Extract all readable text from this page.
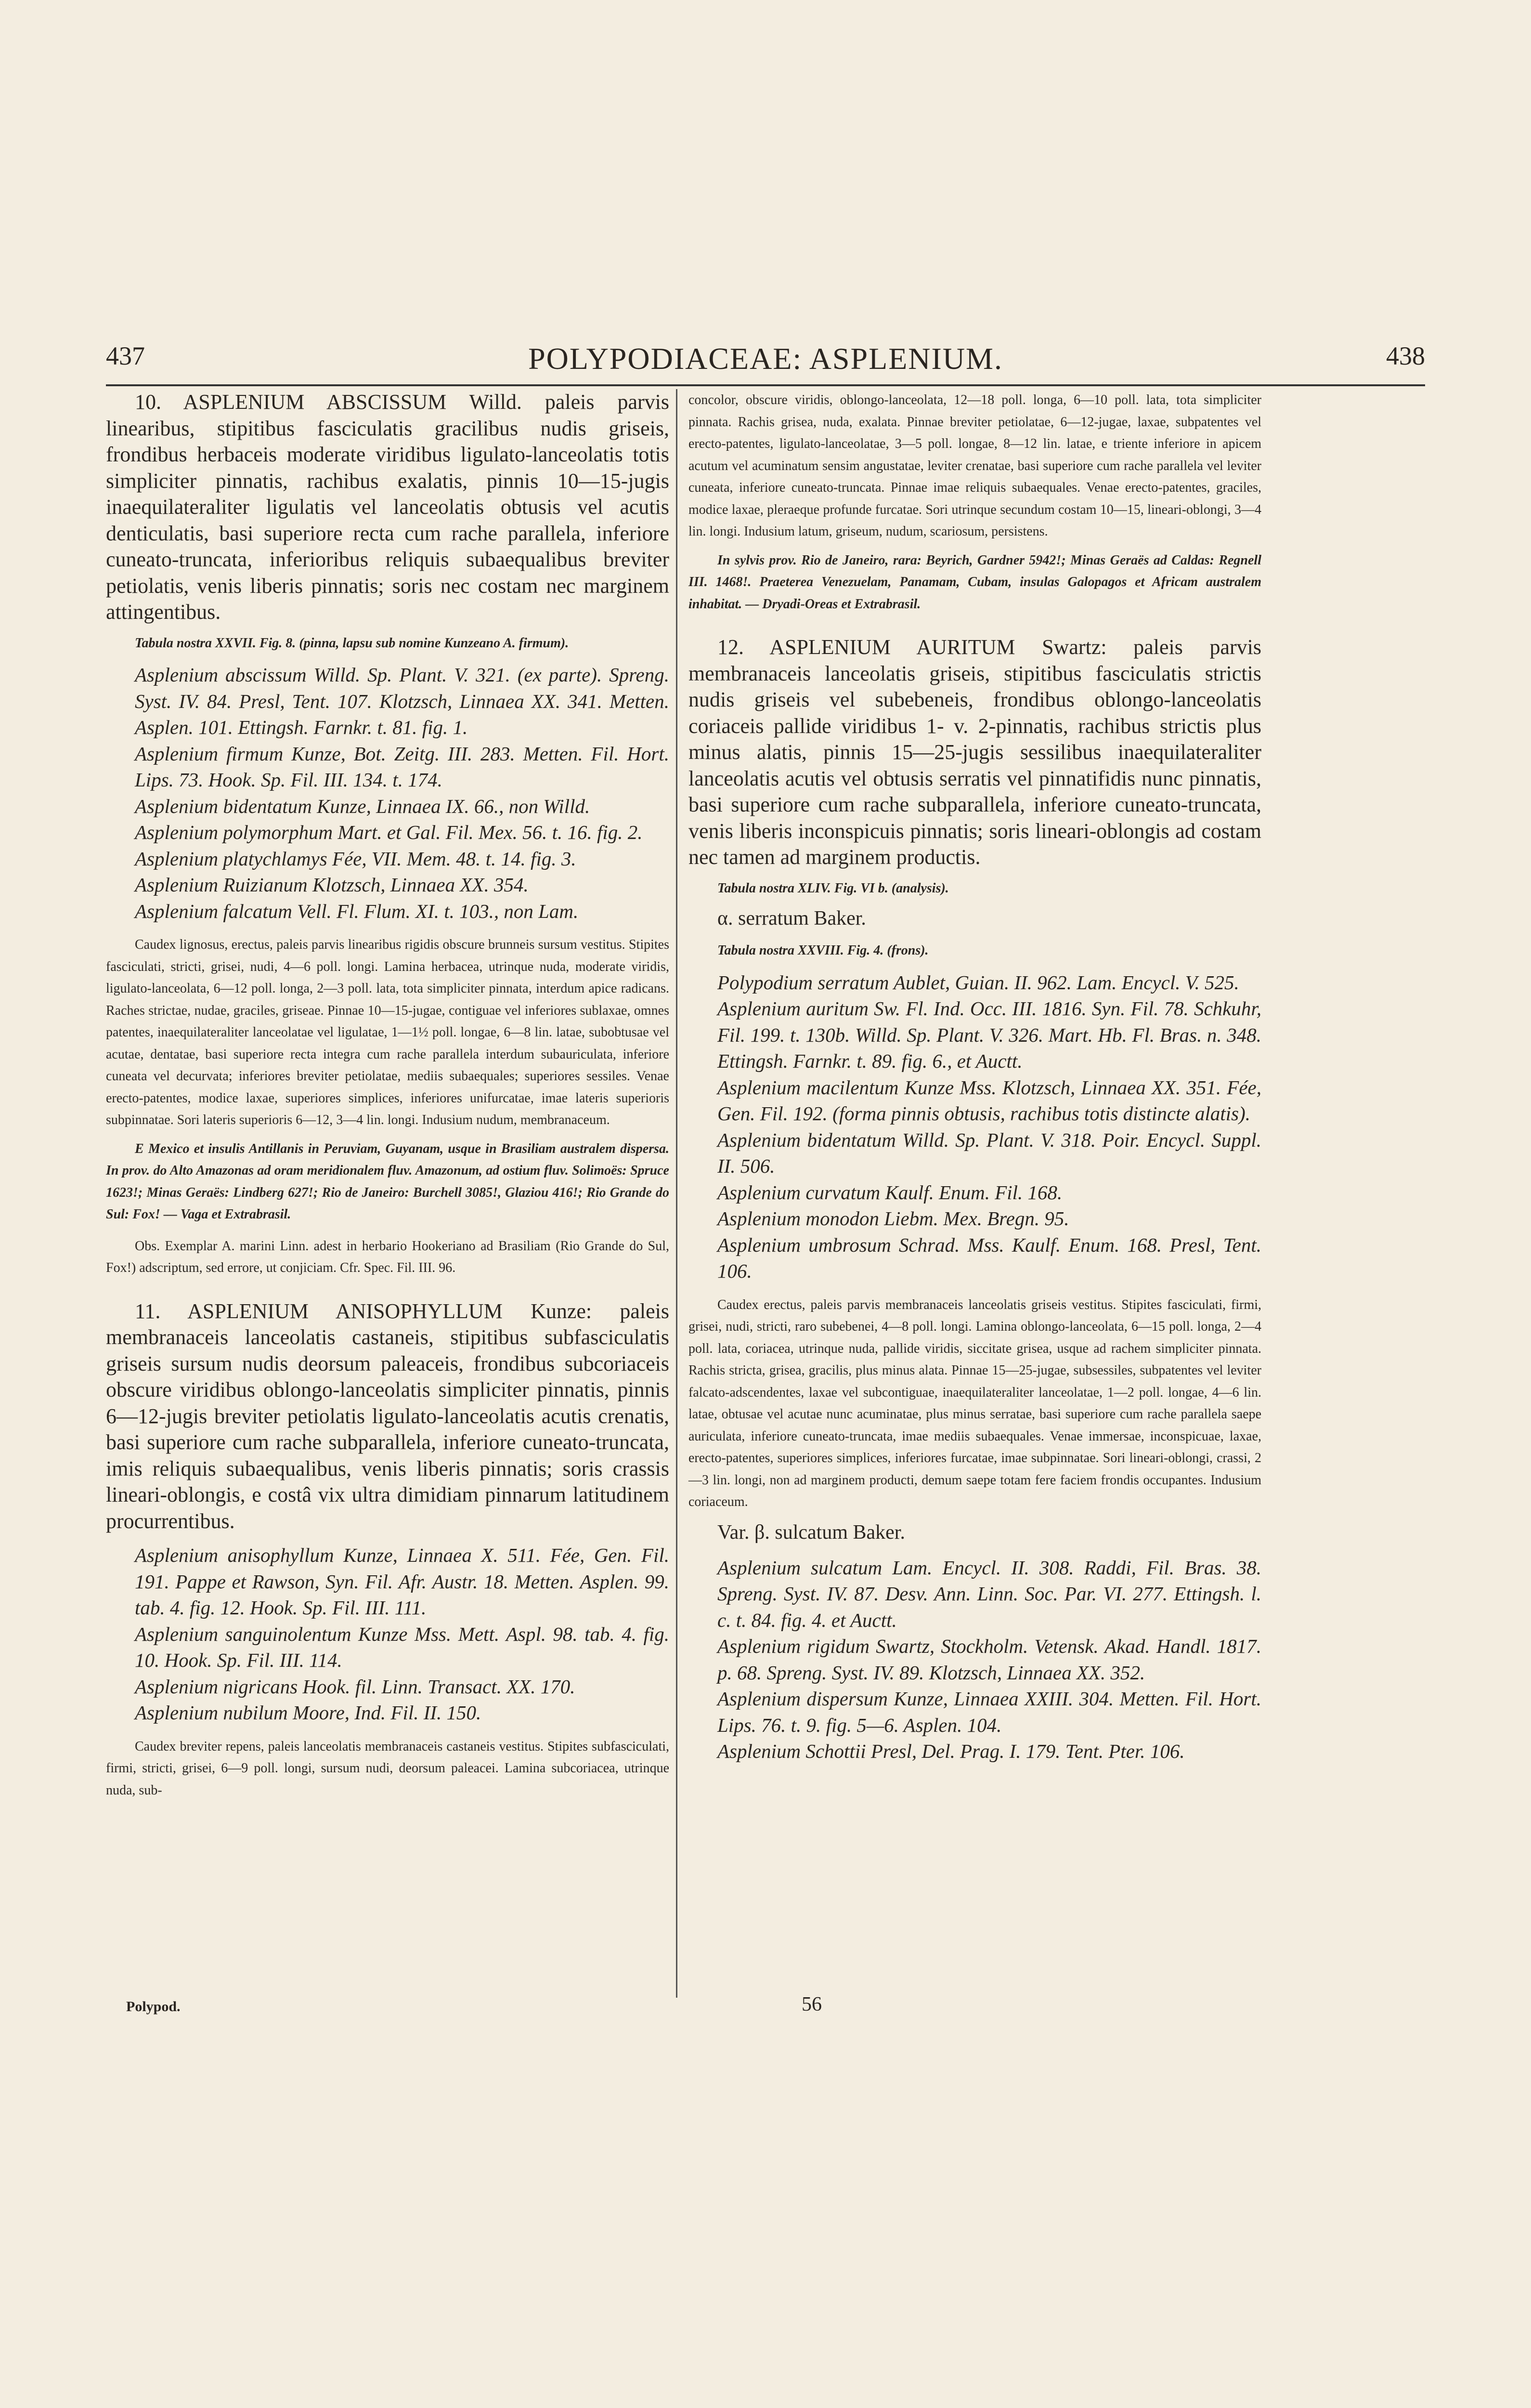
437	POLYPODIACEAE: ASPLENIUM.	438

10. ASPLENIUM ABSCISSUM Willd. paleis parvis linearibus, stipitibus fasciculatis gracilibus nudis griseis, frondibus herbaceis moderate viridibus ligulato-lanceolatis totis simpliciter pinnatis, rachibus exalatis, pinnis 10—15-jugis inaequilateraliter ligulatis vel lanceolatis obtusis vel acutis denticulatis, basi superiore recta cum rache parallela, inferiore cuneato-truncata, inferioribus reliquis subaequalibus breviter petiolatis, venis liberis pinnatis; soris nec costam nec marginem attingentibus.

Tabula nostra XXVII. Fig. 8. (pinna, lapsu sub nomine Kunzeano A. firmum).

Asplenium abscissum Willd. Sp. Plant. V. 321. (ex parte). Spreng. Syst. IV. 84. Presl, Tent. 107. Klotzsch, Linnaea XX. 341. Metten. Asplen. 101. Ettingsh. Farnkr. t. 81. fig. 1.

Asplenium firmum Kunze, Bot. Zeitg. III. 283. Metten. Fil. Hort. Lips. 73. Hook. Sp. Fil. III. 134. t. 174.

Asplenium bidentatum Kunze, Linnaea IX. 66., non Willd.

Asplenium polymorphum Mart. et Gal. Fil. Mex. 56. t. 16. fig. 2.

Asplenium platychlamys Fée, VII. Mem. 48. t. 14. fig. 3.

Asplenium Ruizianum Klotzsch, Linnaea XX. 354.

Asplenium falcatum Vell. Fl. Flum. XI. t. 103., non Lam.

Caudex lignosus, erectus, paleis parvis linearibus rigidis obscure brunneis sursum vestitus. Stipites fasciculati, stricti, grisei, nudi, 4—6 poll. longi. Lamina herbacea, utrinque nuda, moderate viridis, ligulato-lanceolata, 6—12 poll. longa, 2—3 poll. lata, tota simpliciter pinnata, interdum apice radicans. Raches strictae, nudae, graciles, griseae. Pinnae 10—15-jugae, contiguae vel inferiores sublaxae, omnes patentes, inaequilateraliter lanceolatae vel ligulatae, 1—1½ poll. longae, 6—8 lin. latae, subobtusae vel acutae, dentatae, basi superiore recta integra cum rache parallela interdum subauriculata, inferiore cuneata vel decurvata; inferiores breviter petiolatae, mediis subaequales; superiores sessiles. Venae erecto-patentes, modice laxae, superiores simplices, inferiores unifurcatae, imae lateris superioris subpinnatae. Sori lateris superioris 6—12, 3—4 lin. longi. Indusium nudum, membranaceum.

E Mexico et insulis Antillanis in Peruviam, Guyanam, usque in Brasiliam australem dispersa. In prov. do Alto Amazonas ad oram meridionalem fluv. Amazonum, ad ostium fluv. Solimoës: Spruce 1623!; Minas Geraës: Lindberg 627!; Rio de Janeiro: Burchell 3085!, Glaziou 416!; Rio Grande do Sul: Fox! — Vaga et Extrabrasil.

Obs. Exemplar A. marini Linn. adest in herbario Hookeriano ad Brasiliam (Rio Grande do Sul, Fox!) adscriptum, sed errore, ut conjiciam. Cfr. Spec. Fil. III. 96.

11. ASPLENIUM ANISOPHYLLUM Kunze: paleis membranaceis lanceolatis castaneis, stipitibus subfasciculatis griseis sursum nudis deorsum paleaceis, frondibus subcoriaceis obscure viridibus oblongo-lanceolatis simpliciter pinnatis, pinnis 6—12-jugis breviter petiolatis ligulato-lanceolatis acutis crenatis, basi superiore cum rache subparallela, inferiore cuneato-truncata, imis reliquis subaequalibus, venis liberis pinnatis; soris crassis lineari-oblongis, e costâ vix ultra dimidiam pinnarum latitudinem procurrentibus.

Asplenium anisophyllum Kunze, Linnaea X. 511. Fée, Gen. Fil. 191. Pappe et Rawson, Syn. Fil. Afr. Austr. 18. Metten. Asplen. 99. tab. 4. fig. 12. Hook. Sp. Fil. III. 111.

Asplenium sanguinolentum Kunze Mss. Mett. Aspl. 98. tab. 4. fig. 10. Hook. Sp. Fil. III. 114.

Asplenium nigricans Hook. fil. Linn. Transact. XX. 170.

Asplenium nubilum Moore, Ind. Fil. II. 150.

Caudex breviter repens, paleis lanceolatis membranaceis castaneis vestitus. Stipites subfasciculati, firmi, stricti, grisei, 6—9 poll. longi, sursum nudi, deorsum paleacei. Lamina subcoriacea, utrinque nuda, sub-

concolor, obscure viridis, oblongo-lanceolata, 12—18 poll. longa, 6—10 poll. lata, tota simpliciter pinnata. Rachis grisea, nuda, exalata. Pinnae breviter petiolatae, 6—12-jugae, laxae, subpatentes vel erecto-patentes, ligulato-lanceolatae, 3—5 poll. longae, 8—12 lin. latae, e triente inferiore in apicem acutum vel acuminatum sensim angustatae, leviter crenatae, basi superiore cum rache parallela vel leviter cuneata, inferiore cuneato-truncata. Pinnae imae reliquis subaequales. Venae erecto-patentes, graciles, modice laxae, pleraeque profunde furcatae. Sori utrinque secundum costam 10—15, lineari-oblongi, 3—4 lin. longi. Indusium latum, griseum, nudum, scariosum, persistens.

In sylvis prov. Rio de Janeiro, rara: Beyrich, Gardner 5942!; Minas Geraës ad Caldas: Regnell III. 1468!. Praeterea Venezuelam, Panamam, Cubam, insulas Galopagos et Africam australem inhabitat. — Dryadi-Oreas et Extrabrasil.

12. ASPLENIUM AURITUM Swartz: paleis parvis membranaceis lanceolatis griseis, stipitibus fasciculatis strictis nudis griseis vel subebeneis, frondibus oblongo-lanceolatis coriaceis pallide viridibus 1- v. 2-pinnatis, rachibus strictis plus minus alatis, pinnis 15—25-jugis sessilibus inaequilateraliter lanceolatis acutis vel obtusis serratis vel pinnatifidis nunc pinnatis, basi superiore cum rache subparallela, inferiore cuneato-truncata, venis liberis inconspicuis pinnatis; soris lineari-oblongis ad costam nec tamen ad marginem productis.

Tabula nostra XLIV. Fig. VI b. (analysis).

α. serratum Baker.

Tabula nostra XXVIII. Fig. 4. (frons).

Polypodium serratum Aublet, Guian. II. 962. Lam. Encycl. V. 525.

Asplenium auritum Sw. Fl. Ind. Occ. III. 1816. Syn. Fil. 78. Schkuhr, Fil. 199. t. 130b. Willd. Sp. Plant. V. 326. Mart. Hb. Fl. Bras. n. 348. Ettingsh. Farnkr. t. 89. fig. 6., et Auctt.

Asplenium macilentum Kunze Mss. Klotzsch, Linnaea XX. 351. Fée, Gen. Fil. 192. (forma pinnis obtusis, rachibus totis distincte alatis).

Asplenium bidentatum Willd. Sp. Plant. V. 318. Poir. Encycl. Suppl. II. 506.

Asplenium curvatum Kaulf. Enum. Fil. 168.

Asplenium monodon Liebm. Mex. Bregn. 95.

Asplenium umbrosum Schrad. Mss. Kaulf. Enum. 168. Presl, Tent. 106.

Caudex erectus, paleis parvis membranaceis lanceolatis griseis vestitus. Stipites fasciculati, firmi, grisei, nudi, stricti, raro subebenei, 4—8 poll. longi. Lamina oblongo-lanceolata, 6—15 poll. longa, 2—4 poll. lata, coriacea, utrinque nuda, pallide viridis, siccitate grisea, usque ad rachem simpliciter pinnata. Rachis stricta, grisea, gracilis, plus minus alata. Pinnae 15—25-jugae, subsessiles, subpatentes vel leviter falcato-adscendentes, laxae vel subcontiguae, inaequilateraliter lanceolatae, 1—2 poll. longae, 4—6 lin. latae, obtusae vel acutae nunc acuminatae, plus minus serratae, basi superiore cum rache parallela saepe auriculata, inferiore cuneato-truncata, imae mediis subaequales. Venae immersae, inconspicuae, laxae, erecto-patentes, superiores simplices, inferiores furcatae, imae subpinnatae. Sori lineari-oblongi, crassi, 2—3 lin. longi, non ad marginem producti, demum saepe totam fere faciem frondis occupantes. Indusium coriaceum.

Var. β. sulcatum Baker.

Asplenium sulcatum Lam. Encycl. II. 308. Raddi, Fil. Bras. 38. Spreng. Syst. IV. 87. Desv. Ann. Linn. Soc. Par. VI. 277. Ettingsh. l. c. t. 84. fig. 4. et Auctt.

Asplenium rigidum Swartz, Stockholm. Vetensk. Akad. Handl. 1817. p. 68. Spreng. Syst. IV. 89. Klotzsch, Linnaea XX. 352.

Asplenium dispersum Kunze, Linnaea XXIII. 304. Metten. Fil. Hort. Lips. 76. t. 9. fig. 5—6. Asplen. 104.

Asplenium Schottii Presl, Del. Prag. I. 179. Tent. Pter. 106.

Polypod.	56
